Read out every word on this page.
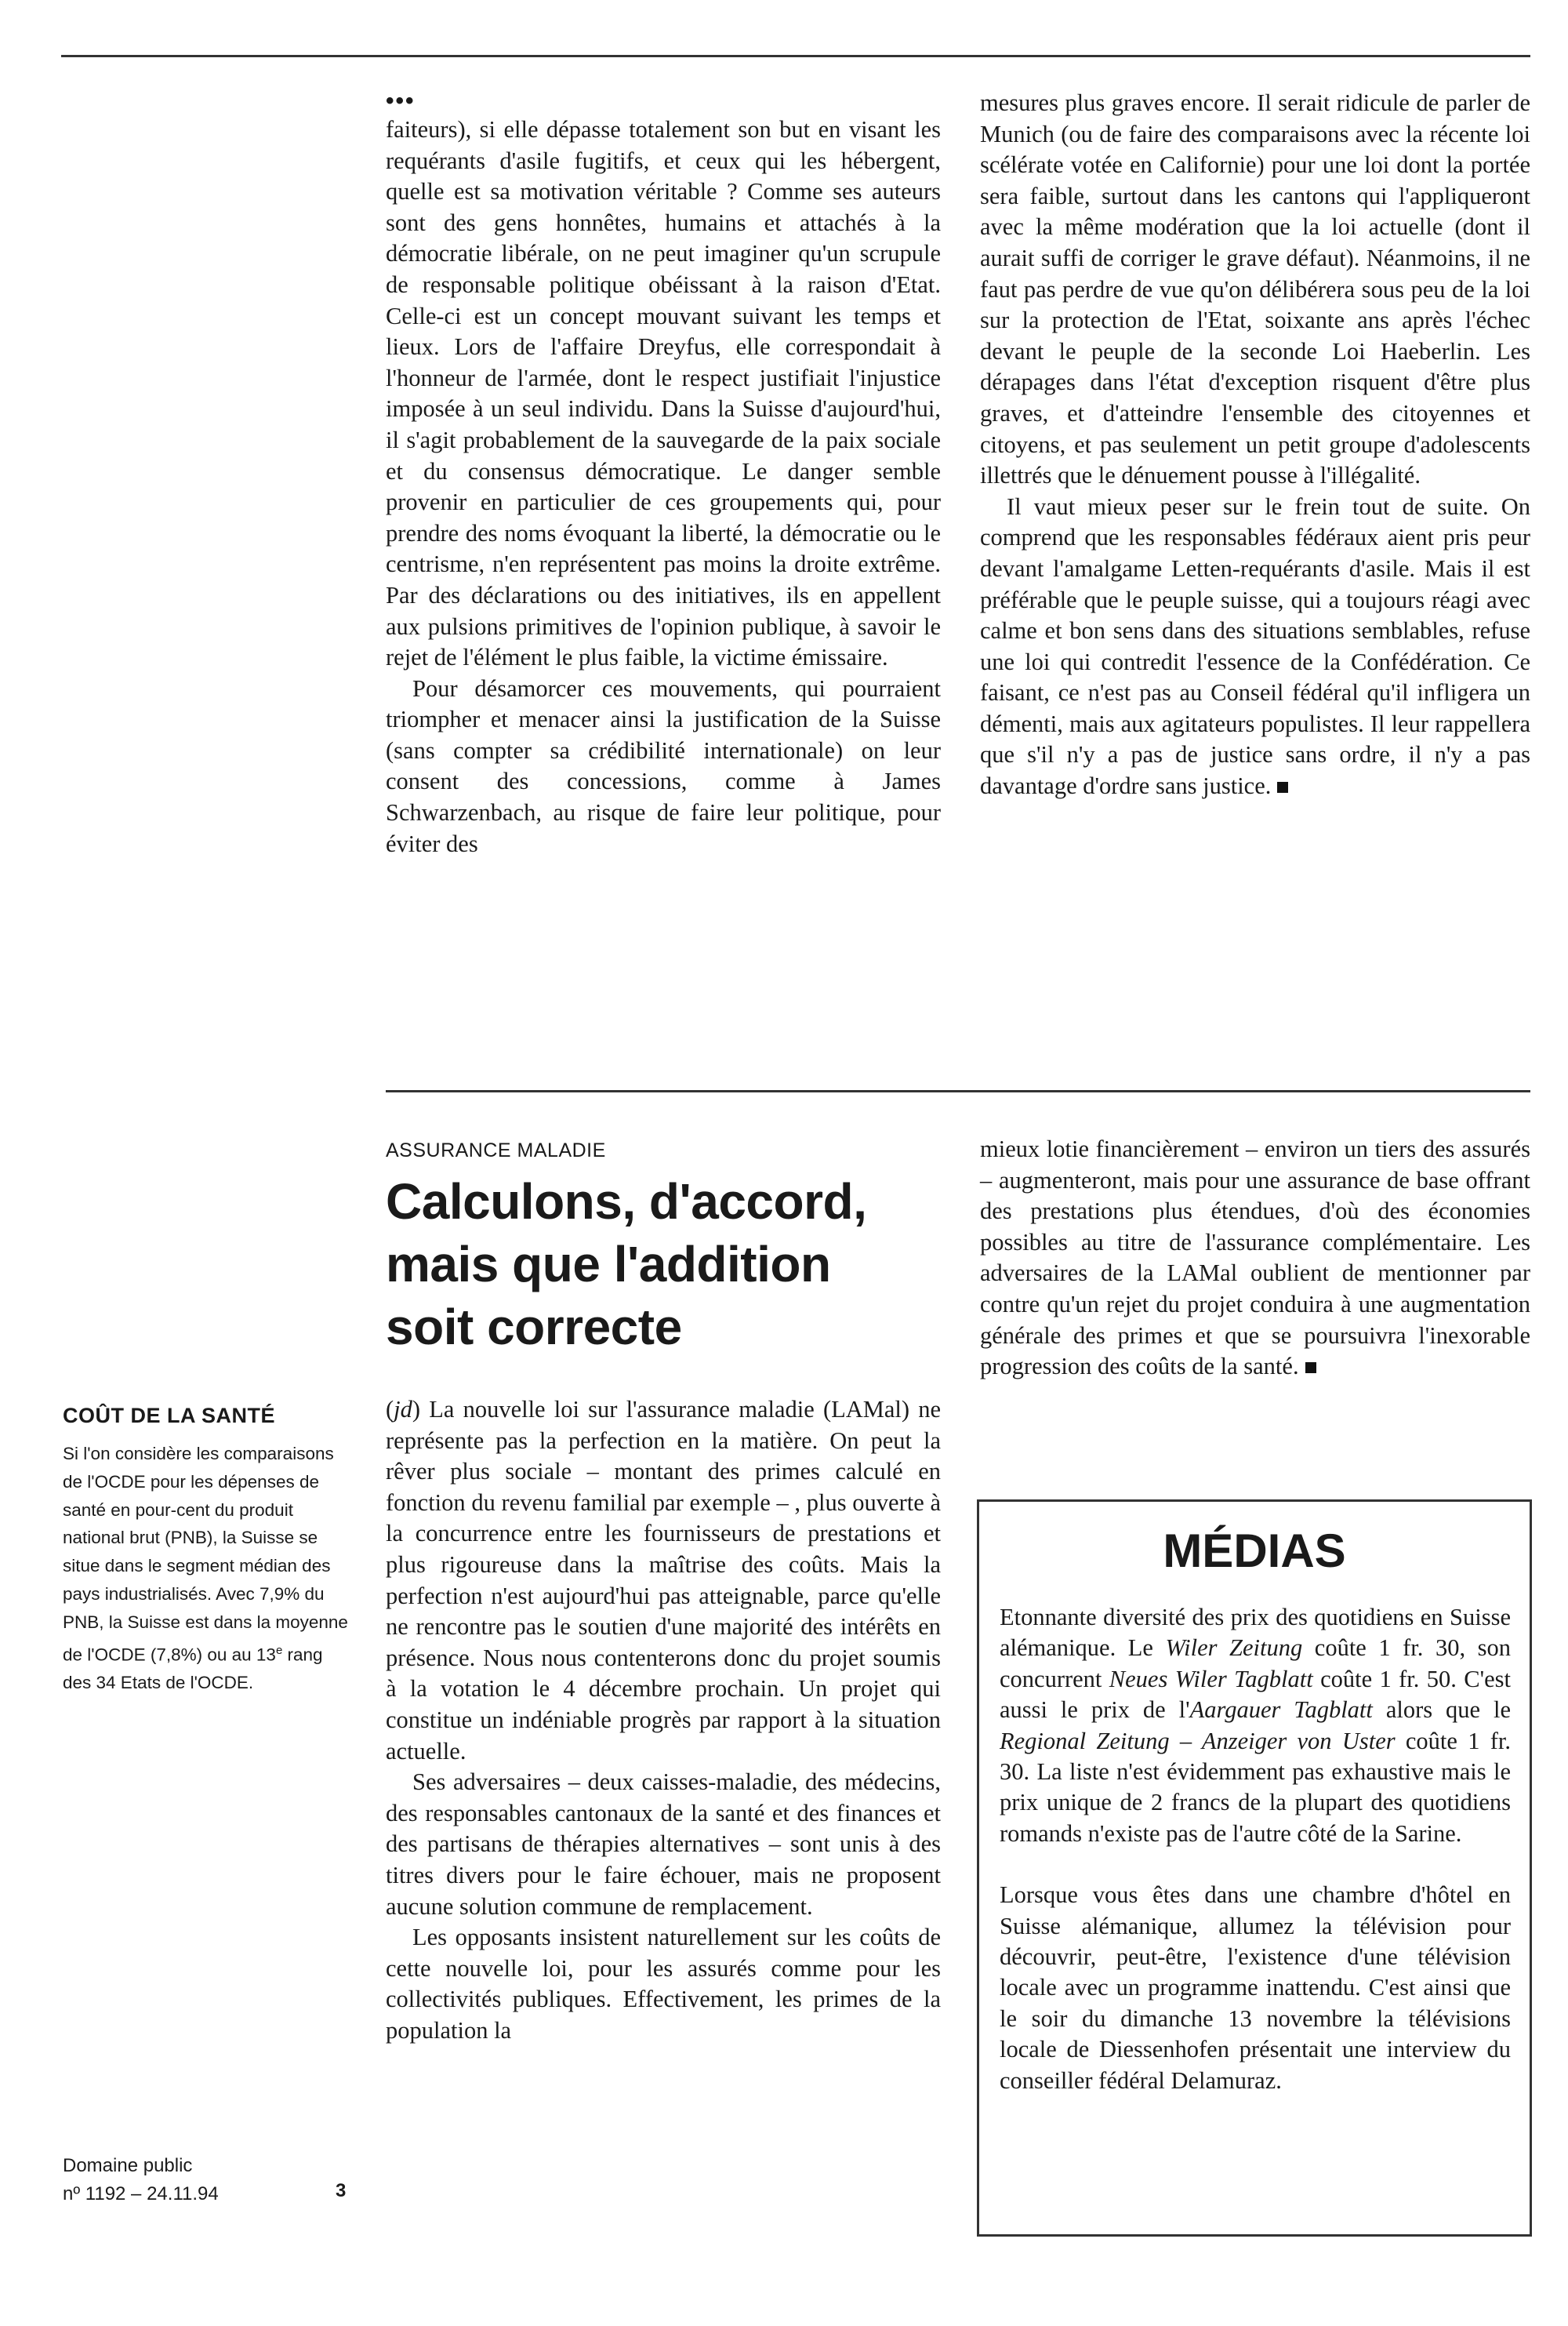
•••

faiteurs), si elle dépasse totalement son but en visant les requérants d'asile fugitifs, et ceux qui les hébergent, quelle est sa motivation véritable ? Comme ses auteurs sont des gens honnêtes, humains et attachés à la démocratie libérale, on ne peut imaginer qu'un scrupule de responsable politique obéissant à la raison d'Etat. Celle-ci est un concept mouvant suivant les temps et lieux. Lors de l'affaire Dreyfus, elle correspondait à l'honneur de l'armée, dont le respect justifiait l'injustice imposée à un seul individu. Dans la Suisse d'aujourd'hui, il s'agit probablement de la sauvegarde de la paix sociale et du consensus démocratique. Le danger semble provenir en particulier de ces groupements qui, pour prendre des noms évoquant la liberté, la démocratie ou le centrisme, n'en représentent pas moins la droite extrême. Par des déclarations ou des initiatives, ils en appellent aux pulsions primitives de l'opinion publique, à savoir le rejet de l'élément le plus faible, la victime émissaire.

Pour désamorcer ces mouvements, qui pourraient triompher et menacer ainsi la justification de la Suisse (sans compter sa crédibilité internationale) on leur consent des concessions, comme à James Schwarzenbach, au risque de faire leur politique, pour éviter des

mesures plus graves encore. Il serait ridicule de parler de Munich (ou de faire des comparaisons avec la récente loi scélérate votée en Californie) pour une loi dont la portée sera faible, surtout dans les cantons qui l'appliqueront avec la même modération que la loi actuelle (dont il aurait suffi de corriger le grave défaut). Néanmoins, il ne faut pas perdre de vue qu'on délibérera sous peu de la loi sur la protection de l'Etat, soixante ans après l'échec devant le peuple de la seconde Loi Haeberlin. Les dérapages dans l'état d'exception risquent d'être plus graves, et d'atteindre l'ensemble des citoyennes et citoyens, et pas seulement un petit groupe d'adolescents illettrés que le dénuement pousse à l'illégalité.

Il vaut mieux peser sur le frein tout de suite. On comprend que les responsables fédéraux aient pris peur devant l'amalgame Letten-requérants d'asile. Mais il est préférable que le peuple suisse, qui a toujours réagi avec calme et bon sens dans des situations semblables, refuse une loi qui contredit l'essence de la Confédération. Ce faisant, ce n'est pas au Conseil fédéral qu'il infligera un démenti, mais aux agitateurs populistes. Il leur rappellera que s'il n'y a pas de justice sans ordre, il n'y a pas davantage d'ordre sans justice.

ASSURANCE MALADIE
Calculons, d'accord,
mais que l'addition
soit correcte

(jd) La nouvelle loi sur l'assurance maladie (LAMal) ne représente pas la perfection en la matière. On peut la rêver plus sociale – montant des primes calculé en fonction du revenu familial par exemple – , plus ouverte à la concurrence entre les fournisseurs de prestations et plus rigoureuse dans la maîtrise des coûts. Mais la perfection n'est aujourd'hui pas atteignable, parce qu'elle ne rencontre pas le soutien d'une majorité des intérêts en présence. Nous nous contenterons donc du projet soumis à la votation le 4 décembre prochain. Un projet qui constitue un indéniable progrès par rapport à la situation actuelle.

Ses adversaires – deux caisses-maladie, des médecins, des responsables cantonaux de la santé et des finances et des partisans de thérapies alternatives – sont unis à des titres divers pour le faire échouer, mais ne proposent aucune solution commune de remplacement.

Les opposants insistent naturellement sur les coûts de cette nouvelle loi, pour les assurés comme pour les collectivités publiques. Effectivement, les primes de la population la

mieux lotie financièrement – environ un tiers des assurés – augmenteront, mais pour une assurance de base offrant des prestations plus étendues, d'où des économies possibles au titre de l'assurance complémentaire. Les adversaires de la LAMal oublient de mentionner par contre qu'un rejet du projet conduira à une augmentation générale des primes et que se poursuivra l'inexorable progression des coûts de la santé.

COÛT DE LA SANTÉ
Si l'on considère les comparaisons de l'OCDE pour les dépenses de santé en pour-cent du produit national brut (PNB), la Suisse se situe dans le segment médian des pays industrialisés. Avec 7,9% du PNB, la Suisse est dans la moyenne de l'OCDE (7,8%) ou au 13e rang des 34 Etats de l'OCDE.
Domaine public
nº 1192 – 24.11.94	3
MÉDIAS

Etonnante diversité des prix des quotidiens en Suisse alémanique. Le Wiler Zeitung coûte 1 fr. 30, son concurrent Neues Wiler Tagblatt coûte 1 fr. 50. C'est aussi le prix de l'Aargauer Tagblatt alors que le Regional Zeitung – Anzeiger von Uster coûte 1 fr. 30. La liste n'est évidemment pas exhaustive mais le prix unique de 2 francs de la plupart des quotidiens romands n'existe pas de l'autre côté de la Sarine.

Lorsque vous êtes dans une chambre d'hôtel en Suisse alémanique, allumez la télévision pour découvrir, peut-être, l'existence d'une télévision locale avec un programme inattendu. C'est ainsi que le soir du dimanche 13 novembre la télévisions locale de Diessenhofen présentait une interview du conseiller fédéral Delamuraz.
